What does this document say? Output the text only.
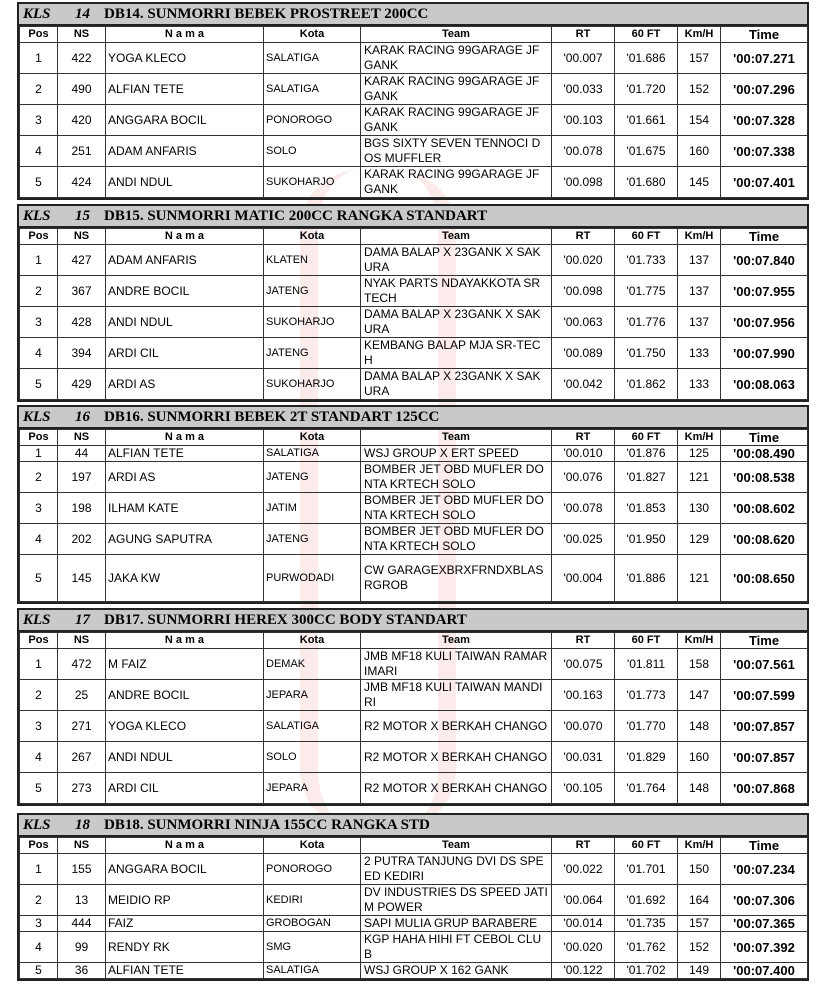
KLS 14 DB14. SUNMORRI BEBEK PROSTREET 200CC
Pos	NS	N a m a	Kota	Team	RT	60 FT	Km/H	Time
1	422	YOGA KLECO	SALATIGA	KARAK RACING 99GARAGE JF GANK	'00.007	'01.686	157	'00:07.271
2	490	ALFIAN TETE	SALATIGA	KARAK RACING 99GARAGE JF GANK	'00.033	'01.720	152	'00:07.296
3	420	ANGGARA BOCIL	PONOROGO	KARAK RACING 99GARAGE JF GANK	'00.103	'01.661	154	'00:07.328
4	251	ADAM ANFARIS	SOLO	BGS SIXTY SEVEN TENNOCI DOS MUFFLER	'00.078	'01.675	160	'00:07.338
5	424	ANDI NDUL	SUKOHARJO	KARAK RACING 99GARAGE JF GANK	'00.098	'01.680	145	'00:07.401
KLS 15 DB15. SUNMORRI MATIC 200CC RANGKA STANDART
Pos	NS	N a m a	Kota	Team	RT	60 FT	Km/H	Time
1	427	ADAM ANFARIS	KLATEN	DAMA BALAP X 23GANK X SAKURA	'00.020	'01.733	137	'00:07.840
2	367	ANDRE BOCIL	JATENG	NYAK PARTS NDAYAKKOTA SR TECH	'00.098	'01.775	137	'00:07.955
3	428	ANDI NDUL	SUKOHARJO	DAMA BALAP X 23GANK X SAKURA	'00.063	'01.776	137	'00:07.956
4	394	ARDI CIL	JATENG	KEMBANG BALAP MJA SR-TECH	'00.089	'01.750	133	'00:07.990
5	429	ARDI AS	SUKOHARJO	DAMA BALAP X 23GANK X SAKURA	'00.042	'01.862	133	'00:08.063
KLS 16 DB16. SUNMORRI BEBEK 2T STANDART 125CC
Pos	NS	N a m a	Kota	Team	RT	60 FT	Km/H	Time
1	44	ALFIAN TETE	SALATIGA	WSJ GROUP X ERT SPEED	'00.010	'01.876	125	'00:08.490
2	197	ARDI AS	JATENG	BOMBER JET OBD MUFLER DONTA KRTECH SOLO	'00.076	'01.827	121	'00:08.538
3	198	ILHAM KATE	JATIM	BOMBER JET OBD MUFLER DONTA KRTECH SOLO	'00.078	'01.853	130	'00:08.602
4	202	AGUNG SAPUTRA	JATENG	BOMBER JET OBD MUFLER DONTA KRTECH SOLO	'00.025	'01.950	129	'00:08.620
5	145	JAKA KW	PURWODADI	CW GARAGEXBRXFRNDXBLASRGROB	'00.004	'01.886	121	'00:08.650
KLS 17 DB17. SUNMORRI HEREX 300CC BODY STANDART
Pos	NS	N a m a	Kota	Team	RT	60 FT	Km/H	Time
1	472	M FAIZ	DEMAK	JMB MF18 KULI TAIWAN RAMARIMARI	'00.075	'01.811	158	'00:07.561
2	25	ANDRE BOCIL	JEPARA	JMB MF18 KULI TAIWAN MANDIRI	'00.163	'01.773	147	'00:07.599
3	271	YOGA KLECO	SALATIGA	R2 MOTOR X BERKAH CHANGO	'00.070	'01.770	148	'00:07.857
4	267	ANDI NDUL	SOLO	R2 MOTOR X BERKAH CHANGO	'00.031	'01.829	160	'00:07.857
5	273	ARDI CIL	JEPARA	R2 MOTOR X BERKAH CHANGO	'00.105	'01.764	148	'00:07.868
KLS 18 DB18. SUNMORRI NINJA 155CC RANGKA STD
Pos	NS	N a m a	Kota	Team	RT	60 FT	Km/H	Time
1	155	ANGGARA BOCIL	PONOROGO	2 PUTRA TANJUNG DVI DS SPEED KEDIRI	'00.022	'01.701	150	'00:07.234
2	13	MEIDIO RP	KEDIRI	DV INDUSTRIES DS SPEED JATIM POWER	'00.064	'01.692	164	'00:07.306
3	444	FAIZ	GROBOGAN	SAPI MULIA GRUP BARABERE	'00.014	'01.735	157	'00:07.365
4	99	RENDY RK	SMG	KGP HAHA HIHI FT CEBOL CLUB	'00.020	'01.762	152	'00:07.392
5	36	ALFIAN TETE	SALATIGA	WSJ GROUP X 162 GANK	'00.122	'01.702	149	'00:07.400
